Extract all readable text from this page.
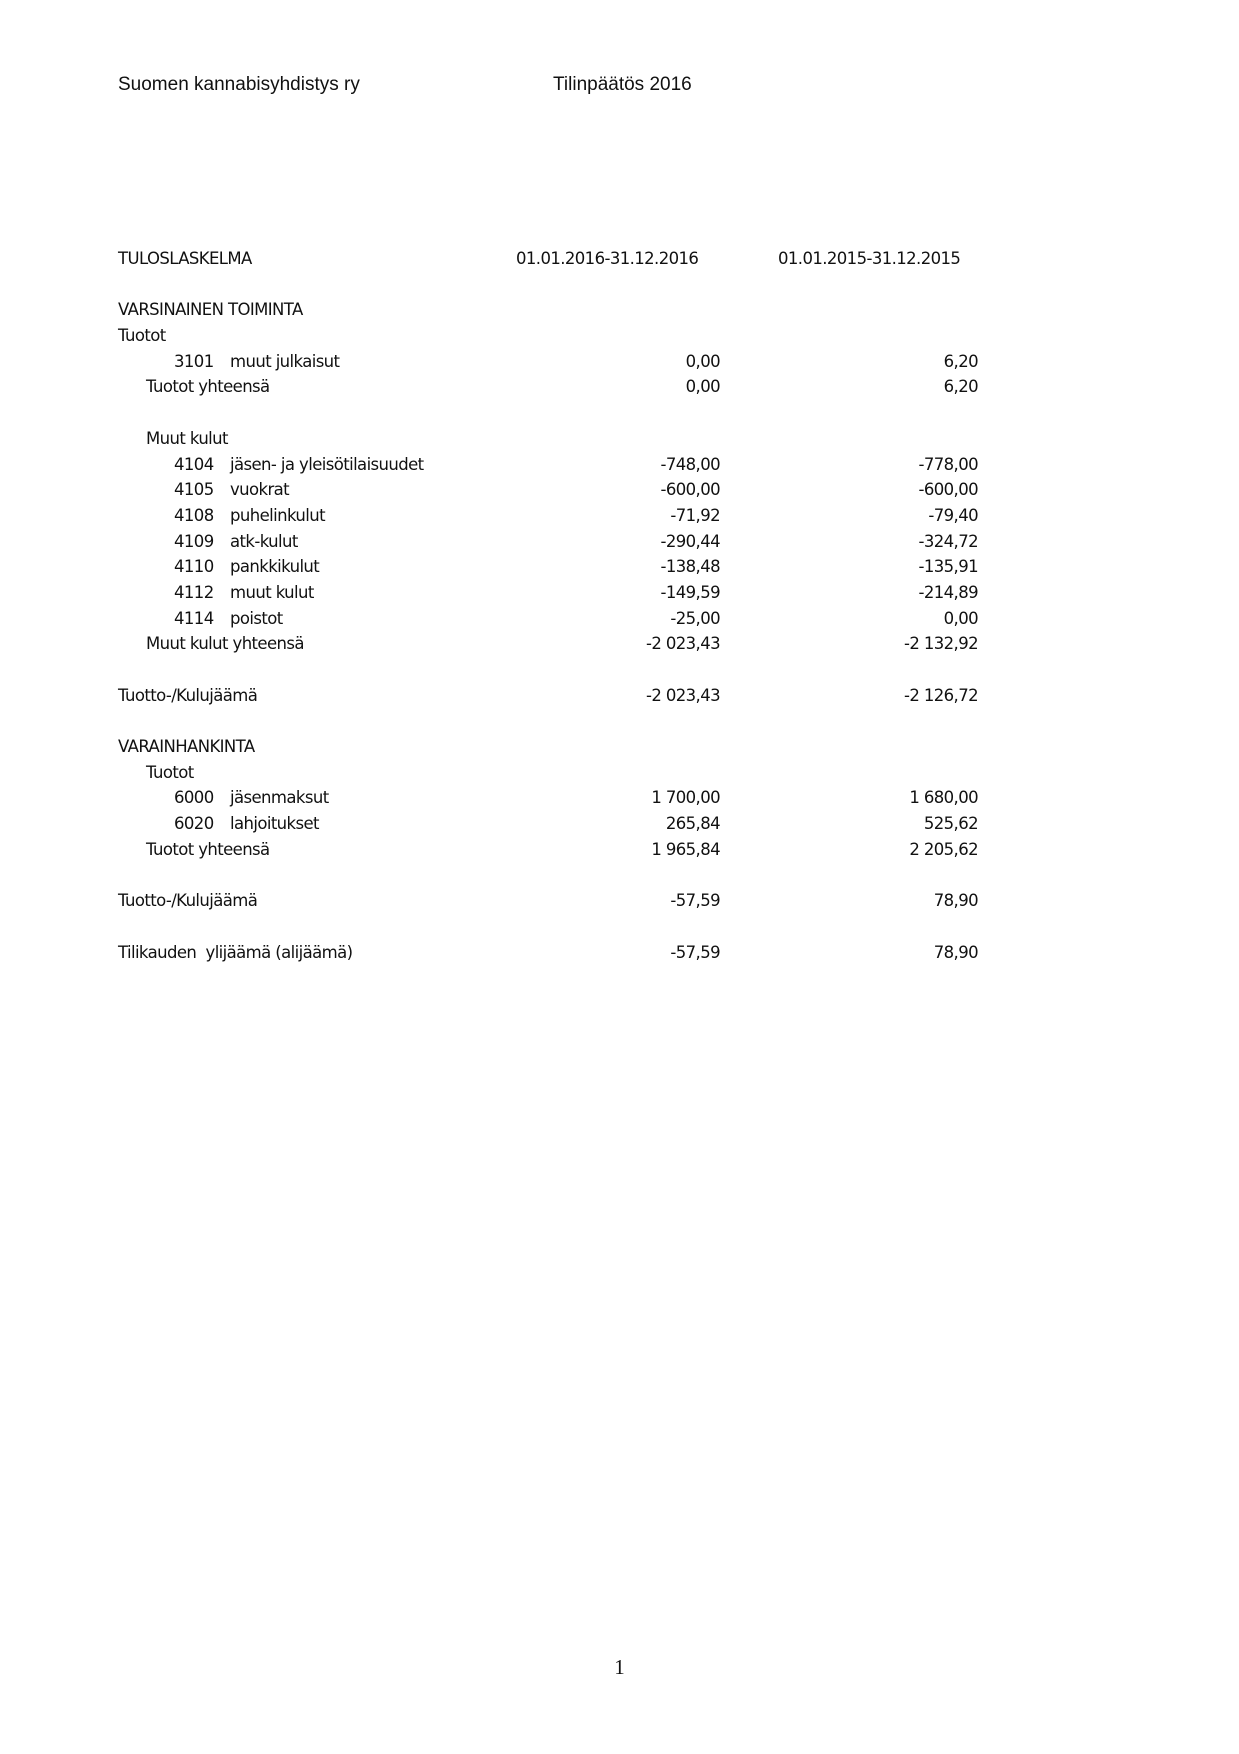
Suomen kannabisyhdistys ry	Tilinpäätös 2016
TULOSLASKELMA	01.01.2016-31.12.2016	01.01.2015-31.12.2015
VARSINAINEN TOIMINTA
Tuotot
3101 muut julkaisut	0,00	6,20
Tuotot yhteensä	0,00	6,20
Muut kulut
4104 jäsen- ja yleisötilaisuudet	-748,00	-778,00
4105 vuokrat	-600,00	-600,00
4108 puhelinkulut	-71,92	-79,40
4109 atk-kulut	-290,44	-324,72
4110 pankkikulut	-138,48	-135,91
4112 muut kulut	-149,59	-214,89
4114 poistot	-25,00	0,00
Muut kulut yhteensä	-2 023,43	-2 132,92
Tuotto-/Kulujäämä	-2 023,43	-2 126,72
VARAINHANKINTA
Tuotot
6000 jäsenmaksut	1 700,00	1 680,00
6020 lahjoitukset	265,84	525,62
Tuotot yhteensä	1 965,84	2 205,62
Tuotto-/Kulujäämä	-57,59	78,90
Tilikauden  ylijäämä (alijäämä)	-57,59	78,90
1
